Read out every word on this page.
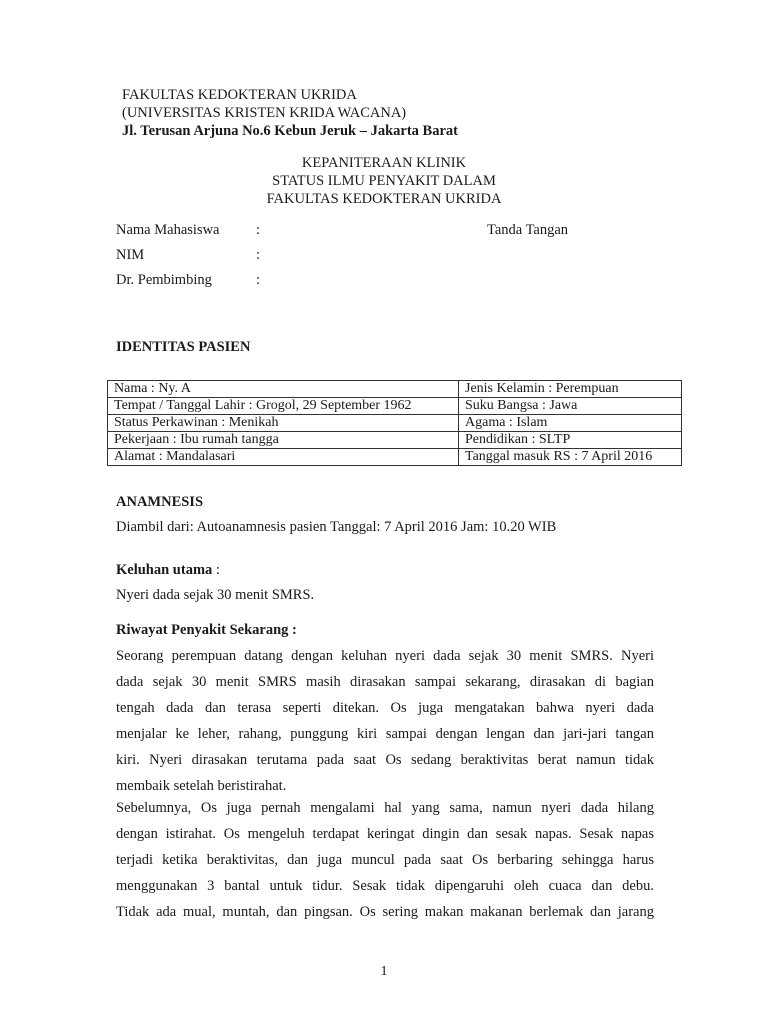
FAKULTAS KEDOKTERAN UKRIDA
(UNIVERSITAS KRISTEN KRIDA WACANA)
Jl. Terusan Arjuna No.6 Kebun Jeruk – Jakarta Barat
KEPANITERAAN KLINIK
STATUS ILMU PENYAKIT DALAM
FAKULTAS KEDOKTERAN UKRIDA
Nama Mahasiswa	:
NIM	:
Dr. Pembimbing	:
Tanda Tangan
IDENTITAS PASIEN
Nama : Ny. A	Jenis Kelamin : Perempuan
Tempat / Tanggal Lahir : Grogol, 29 September 1962	Suku Bangsa : Jawa
Status Perkawinan : Menikah	Agama : Islam
Pekerjaan : Ibu rumah tangga	Pendidikan : SLTP
Alamat : Mandalasari	Tanggal masuk RS : 7 April 2016
ANAMNESIS
Diambil dari: Autoanamnesis pasien Tanggal: 7 April 2016 Jam: 10.20 WIB
Keluhan utama :
Nyeri dada sejak 30 menit SMRS.
Riwayat Penyakit Sekarang :
Seorang perempuan datang dengan keluhan nyeri dada sejak 30 menit SMRS. Nyeri
dada sejak 30 menit SMRS masih dirasakan sampai sekarang, dirasakan di bagian
tengah dada dan terasa seperti ditekan. Os juga mengatakan bahwa nyeri dada
menjalar ke leher, rahang, punggung kiri sampai dengan lengan dan jari-jari tangan
kiri. Nyeri dirasakan terutama pada saat Os sedang beraktivitas berat namun tidak
membaik setelah beristirahat.
Sebelumnya, Os juga pernah mengalami hal yang sama, namun nyeri dada hilang
dengan istirahat. Os mengeluh terdapat keringat dingin dan sesak napas. Sesak napas
terjadi ketika beraktivitas, dan juga muncul pada saat Os berbaring sehingga harus
menggunakan 3 bantal untuk tidur. Sesak tidak dipengaruhi oleh cuaca dan debu.
Tidak ada mual, muntah, dan pingsan. Os sering makan makanan berlemak dan jarang
1
